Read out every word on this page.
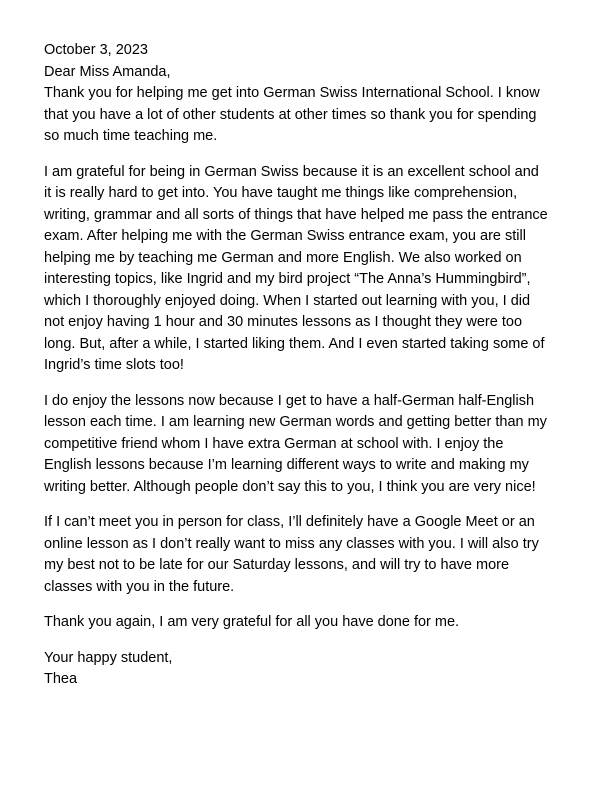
October 3, 2023

Dear Miss Amanda,

Thank you for helping me get into German Swiss International School. I know that you have a lot of other students at other times so thank you for spending so much time teaching me.

I am grateful for being in German Swiss because it is an excellent school and it is really hard to get into. You have taught me things like comprehension, writing, grammar and all sorts of things that have helped me pass the entrance exam. After helping me with the German Swiss entrance exam, you are still helping me by teaching me German and more English. We also worked on interesting topics, like Ingrid and my bird project “The Anna’s Hummingbird”, which I thoroughly enjoyed doing. When I started out learning with you, I did not enjoy having 1 hour and 30 minutes lessons as I thought they were too long. But, after a while, I started liking them. And I even started taking some of Ingrid’s time slots too!

I do enjoy the lessons now because I get to have a half-German half-English lesson each time. I am learning new German words and getting better than my competitive friend whom I have extra German at school with. I enjoy the English lessons because I’m learning different ways to write and making my writing better. Although people don’t say this to you, I think you are very nice!

If I can’t meet you in person for class, I’ll definitely have a Google Meet or an online lesson as I don’t really want to miss any classes with you. I will also try my best not to be late for our Saturday lessons, and will try to have more classes with you in the future.

Thank you again, I am very grateful for all you have done for me.

Your happy student,

Thea
